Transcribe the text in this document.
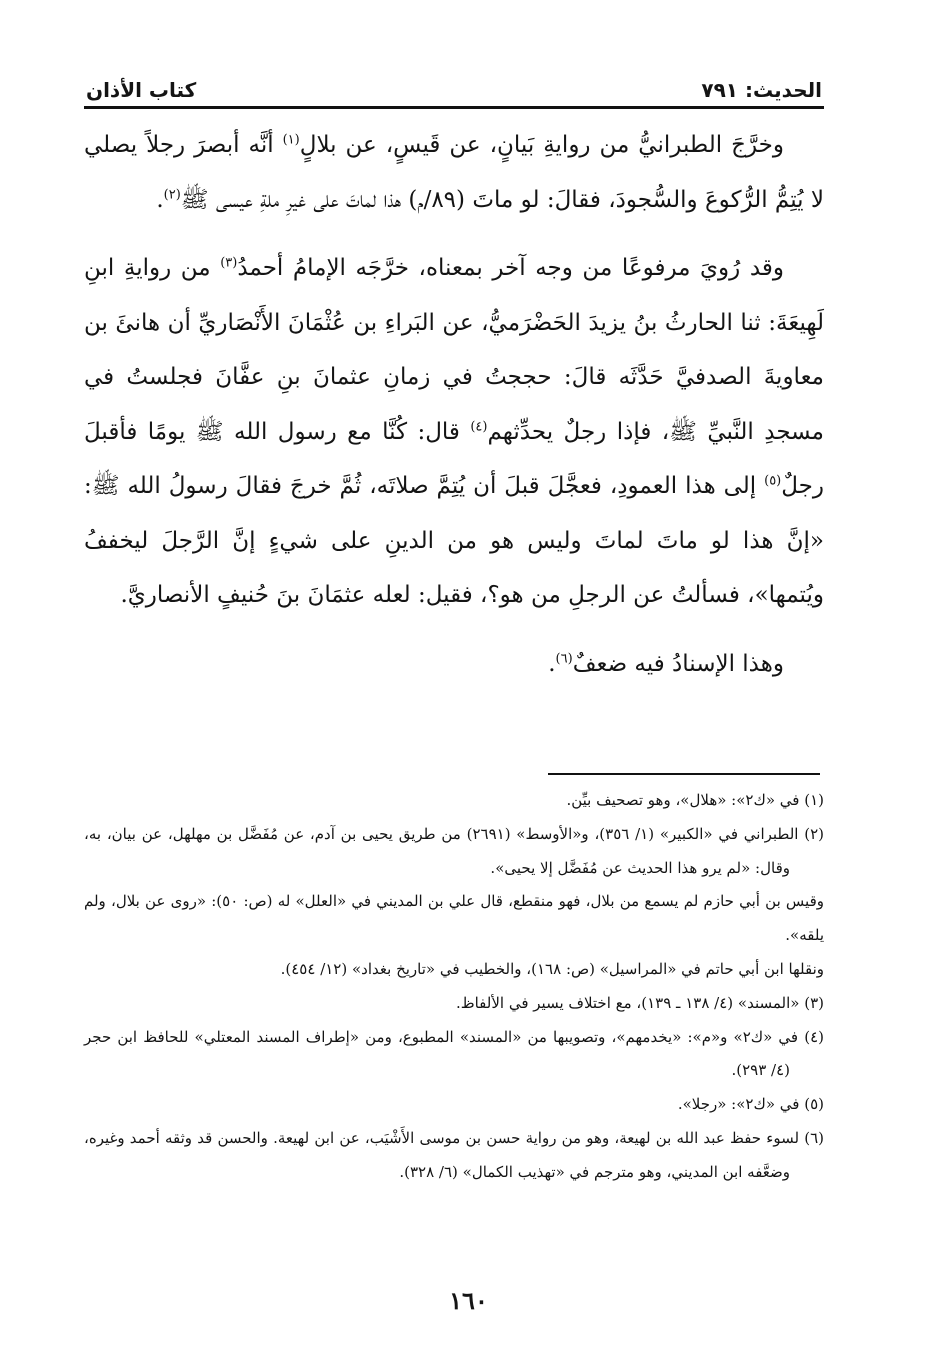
الحديث: ٧٩١
كتاب الأذان

وخرَّجَ الطبرانيُّ من روايةِ بَيانٍ، عن قَيسٍ، عن بلالٍ$^{(١)}$ أنَّه أبصرَ رجلاً يصلي لا يُتِمُّ الرُّكوعَ والسُّجودَ، فقالَ: لو ماتَ (٨٩/م) هذا لماتَ على غيرِ ملةِ عيسى ﷺ$^{(٢)}$.

وقد رُويَ مرفوعًا من وجه آخر بمعناه، خرَّجَه الإمامُ أحمدُ$^{(٣)}$ من روايةِ ابنِ لَهِيعَةَ: ثنا الحارثُ بنُ يزيدَ الحَضْرَميُّ، عن البَراءِ بن عُثْمَانَ الأَنْصَاريِّ أن هانئَ بن معاويةَ الصدفيَّ حَدَّثَه قالَ: حججتُ في زمانِ عثمانَ بنِ عفَّانَ فجلستُ في مسجدِ النَّبيِّ ﷺ، فإذا رجلٌ يحدِّثهم$^{(٤)}$ قال: كُنَّا مع رسول الله ﷺ يومًا فأقبلَ رجلٌ$^{(٥)}$ إلى هذا العمودِ، فعجَّلَ قبلَ أن يُتِمَّ صلاتَه، ثُمَّ خرجَ فقالَ رسولُ الله ﷺ: «إنَّ هذا لو ماتَ لماتَ وليس هو من الدينِ على شيءٍ إنَّ الرَّجلَ ليخففُ ويُتمها»، فسألتُ عن الرجلِ من هو؟، فقيل: لعله عثمَانَ بنَ حُنيفٍ الأنصاريَّ.

وهذا الإسنادُ فيه ضعفٌ$^{(٦)}$.

(١) في «ك٢»: «هلال»، وهو تصحيف بيِّن.

(٢) الطبراني في «الكبير» (١/ ٣٥٦)، و«الأوسط» (٢٦٩١) من طريق يحيى بن آدم، عن مُفَضَّل بن مهلهل، عن بيان، به، وقال: «لم يرو هذا الحديث عن مُفَضَّل إلا يحيى».

وقيس بن أبي حازم لم يسمع من بلال، فهو منقطع، قال علي بن المديني في «العلل» له (ص: ٥٠): «روى عن بلال، ولم يلقه».

ونقلها ابن أبي حاتم في «المراسيل» (ص: ١٦٨)، والخطيب في «تاريخ بغداد» (١٢/ ٤٥٤).

(٣) «المسند» (٤/ ١٣٨ ـ ١٣٩)، مع اختلاف يسير في الألفاظ.

(٤) في «ك٢» و«م»: «يخدمهم»، وتصويبها من «المسند» المطبوع، ومن «إطراف المسند المعتلي» للحافظ ابن حجر (٤/ ٢٩٣).

(٥) في «ك٢»: «رجلا».

(٦) لسوء حفظ عبد الله بن لهيعة، وهو من رواية حسن بن موسى الأَشْيَب، عن ابن لهيعة. والحسن قد وثقه أحمد وغيره، وضعَّفه ابن المديني، وهو مترجم في «تهذيب الكمال» (٦/ ٣٢٨).

١٦٠
